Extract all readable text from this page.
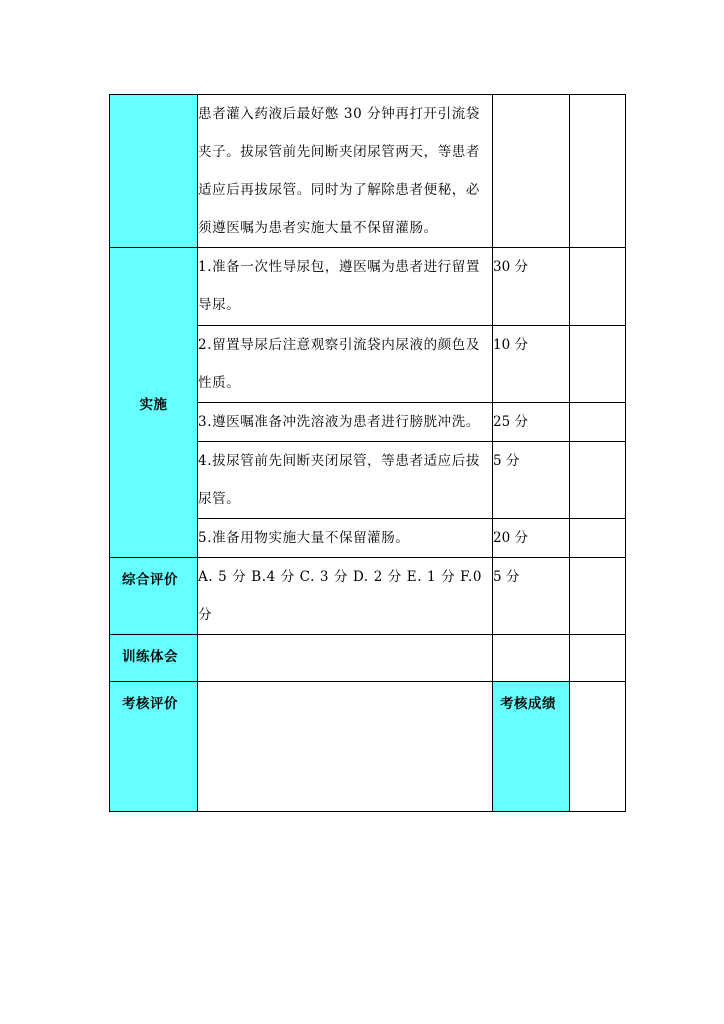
	患者灌入药液后最好憋 30 分钟再打开引流袋夹子。拔尿管前先间断夹闭尿管两天，等患者适应后再拔尿管。同时为了解除患者便秘，必须遵医嘱为患者实施大量不保留灌肠。		

实施	1.准备一次性导尿包，遵医嘱为患者进行留置导尿。	30 分	
	2.留置导尿后注意观察引流袋内尿液的颜色及性质。	10 分	
	3.遵医嘱准备冲洗溶液为患者进行膀胱冲洗。	25 分	
	4.拔尿管前先间断夹闭尿管，等患者适应后拔尿管。	5 分	
	5.准备用物实施大量不保留灌肠。	20 分	

综合评价	A. 5 分 B.4 分 C. 3 分 D. 2 分 E. 1 分 F.0 分	5 分	

训练体会			

考核评价		考核成绩	
